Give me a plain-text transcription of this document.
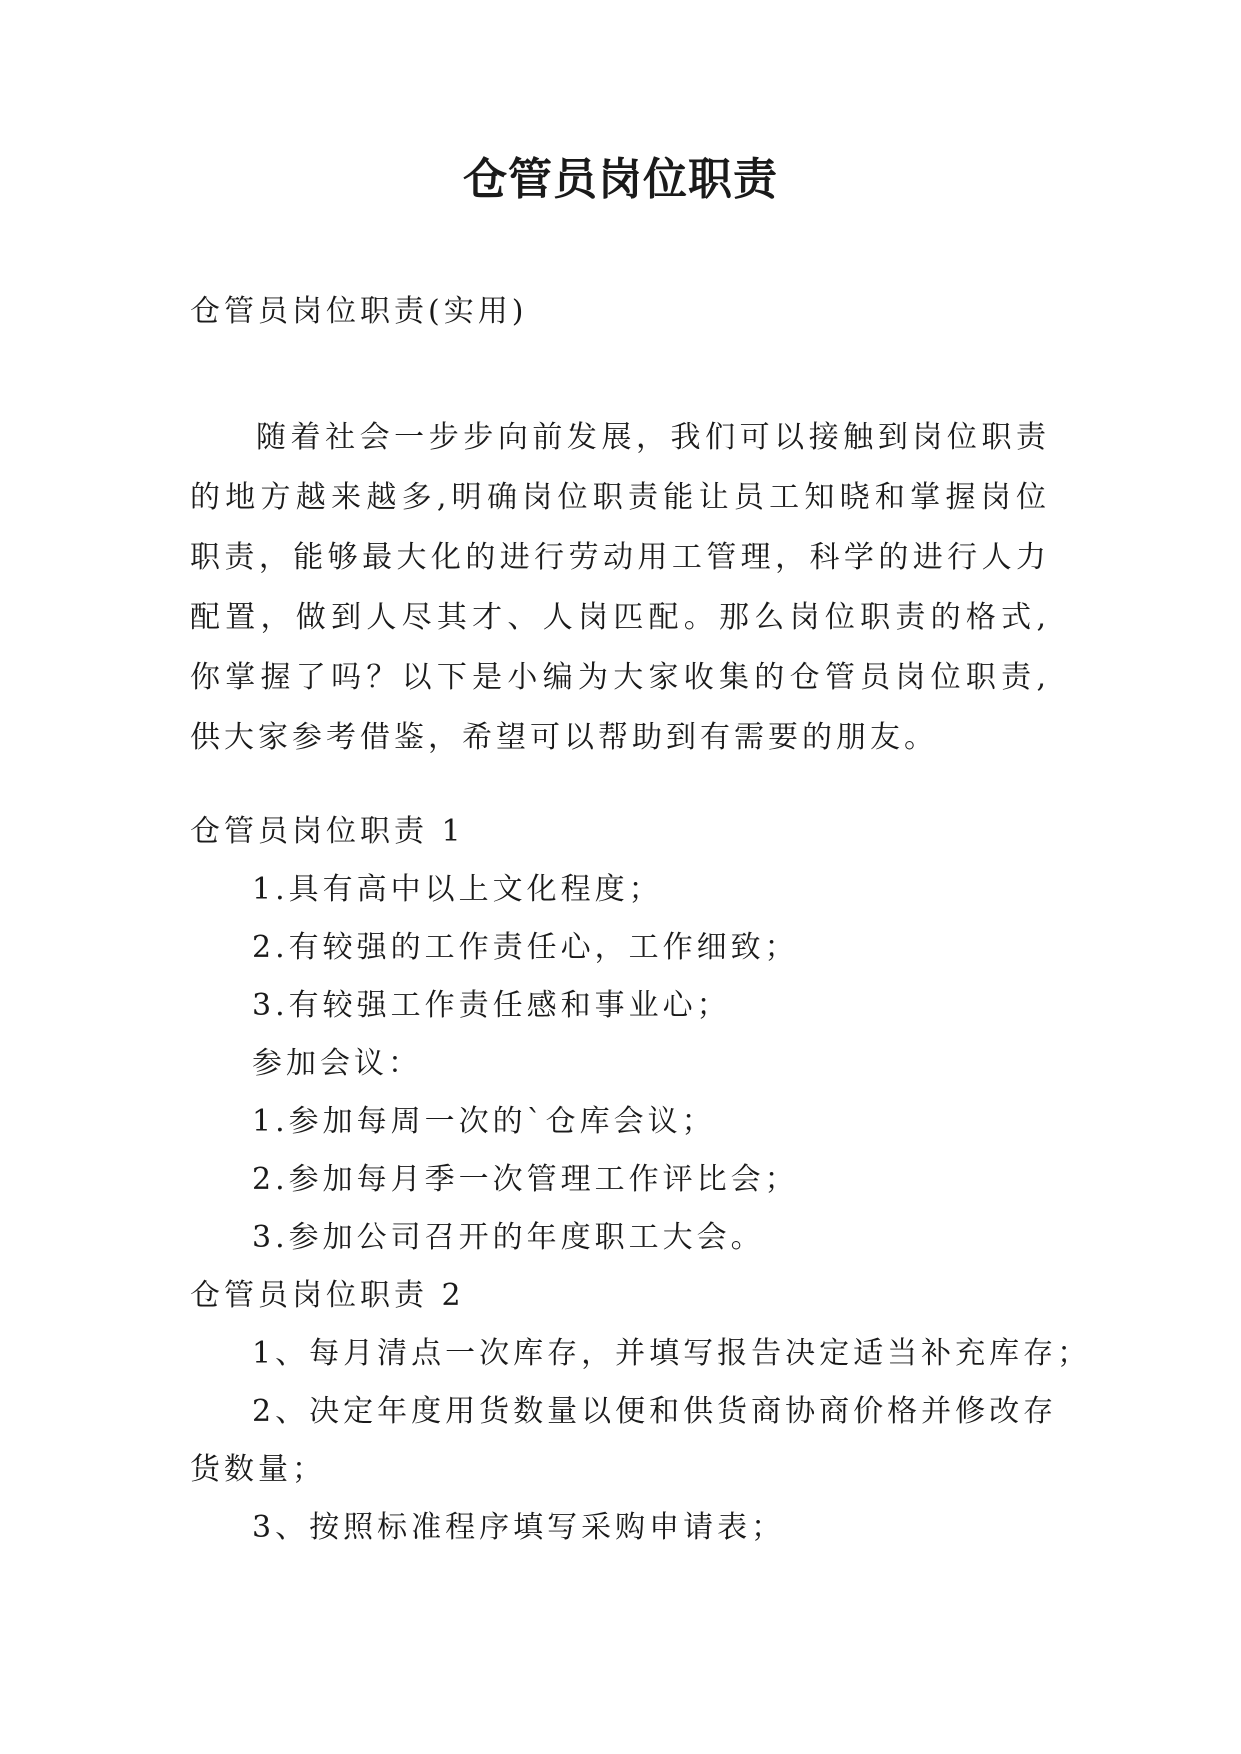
仓管员岗位职责
仓管员岗位职责(实用)
随着社会一步步向前发展，我们可以接触到岗位职责的地方越来越多,明确岗位职责能让员工知晓和掌握岗位职责，能够最大化的进行劳动用工管理，科学的进行人力配置，做到人尽其才、人岗匹配。那么岗位职责的格式,你掌握了吗？以下是小编为大家收集的仓管员岗位职责,供大家参考借鉴，希望可以帮助到有需要的朋友。
仓管员岗位职责 1
1.具有高中以上文化程度；
2.有较强的工作责任心，工作细致；
3.有较强工作责任感和事业心；
参加会议：
1.参加每周一次的`仓库会议；
2.参加每月季一次管理工作评比会；
3.参加公司召开的年度职工大会。
仓管员岗位职责 2
1、每月清点一次库存，并填写报告决定适当补充库存；
2、决定年度用货数量以便和供货商协商价格并修改存
货数量；
3、按照标准程序填写采购申请表；
